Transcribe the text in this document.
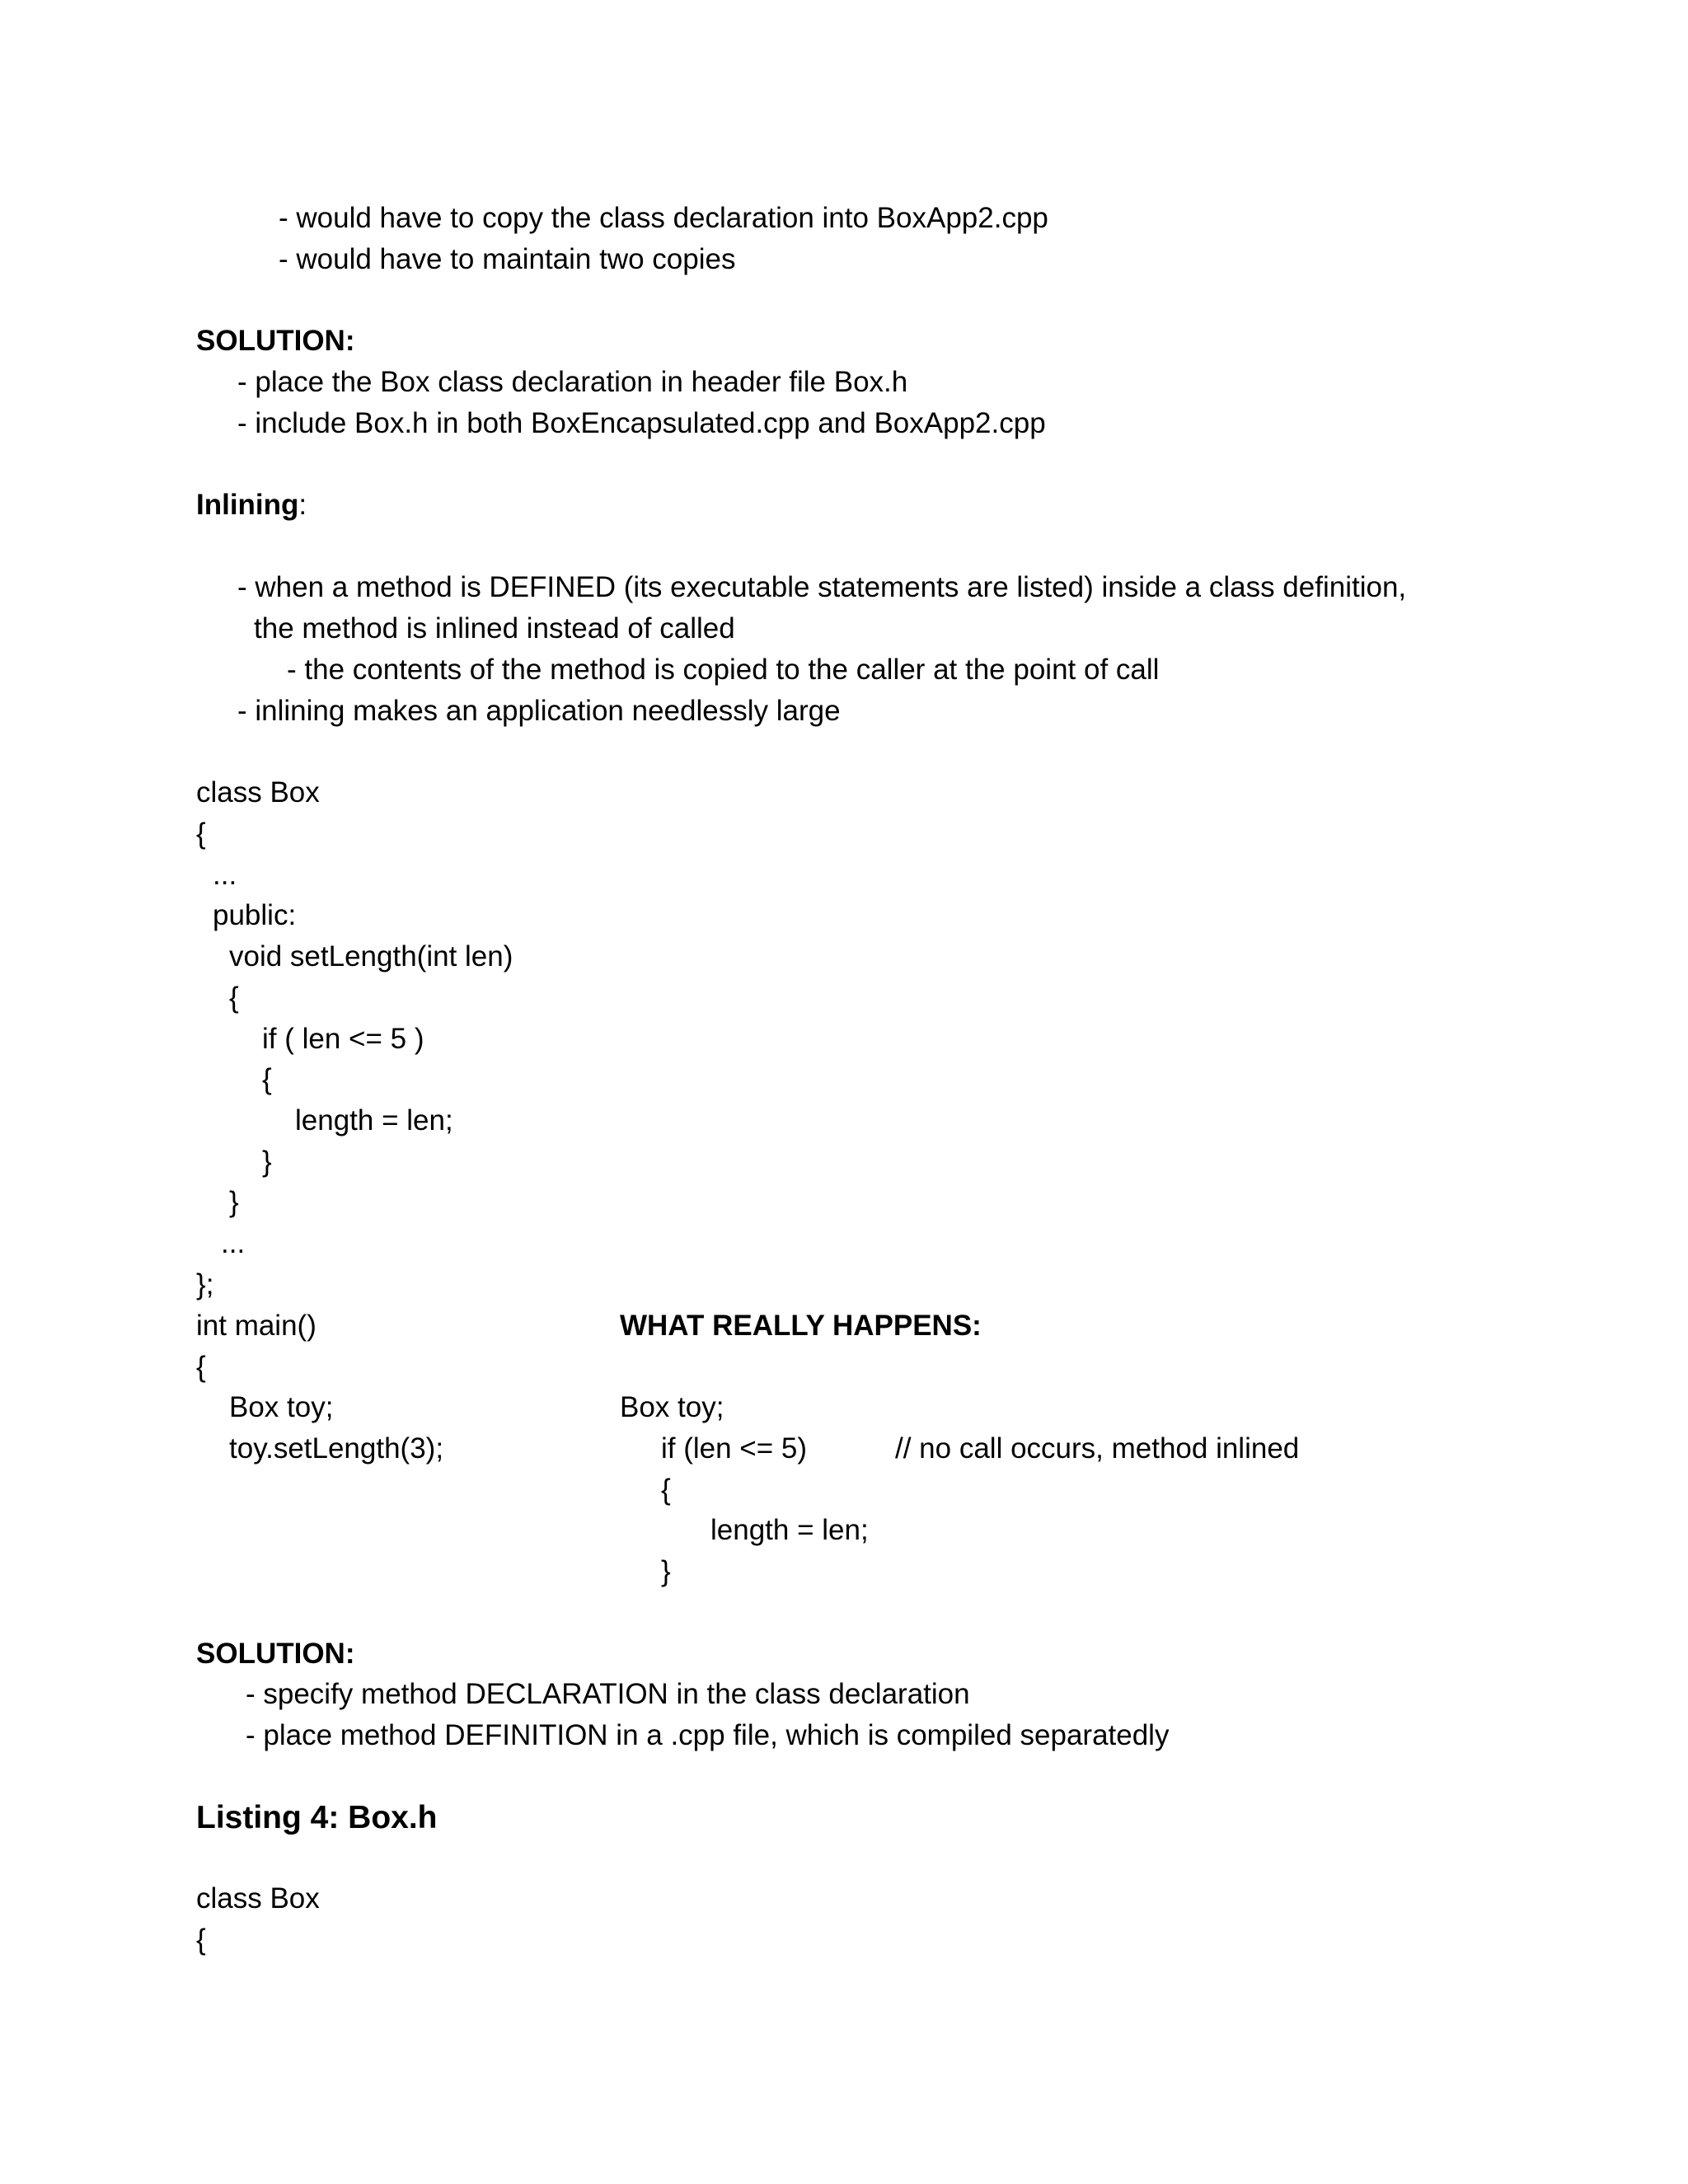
- would have to copy the class declaration into BoxApp2.cpp

- would have to maintain two copies

SOLUTION:

- place the Box class declaration in header file Box.h

- include Box.h in both BoxEncapsulated.cpp and BoxApp2.cpp

Inlining:

- when a method is DEFINED (its executable statements are listed) inside a class definition,

the method is inlined instead of called

- the contents of the method is copied to the caller at the point of call

- inlining makes an application needlessly large

class Box

{

...

public:

void setLength(int len)

{

if ( len <= 5 )

{

length = len;

}

}

...

};

int main()

{

Box toy;

toy.setLength(3);

WHAT REALLY HAPPENS:

Box toy;

if (len <= 5)	// no call occurs, method inlined

{

length = len;

}

SOLUTION:

- specify method DECLARATION in the class declaration

- place method DEFINITION in a .cpp file, which is compiled separatedly

Listing 4: Box.h

class Box

{
